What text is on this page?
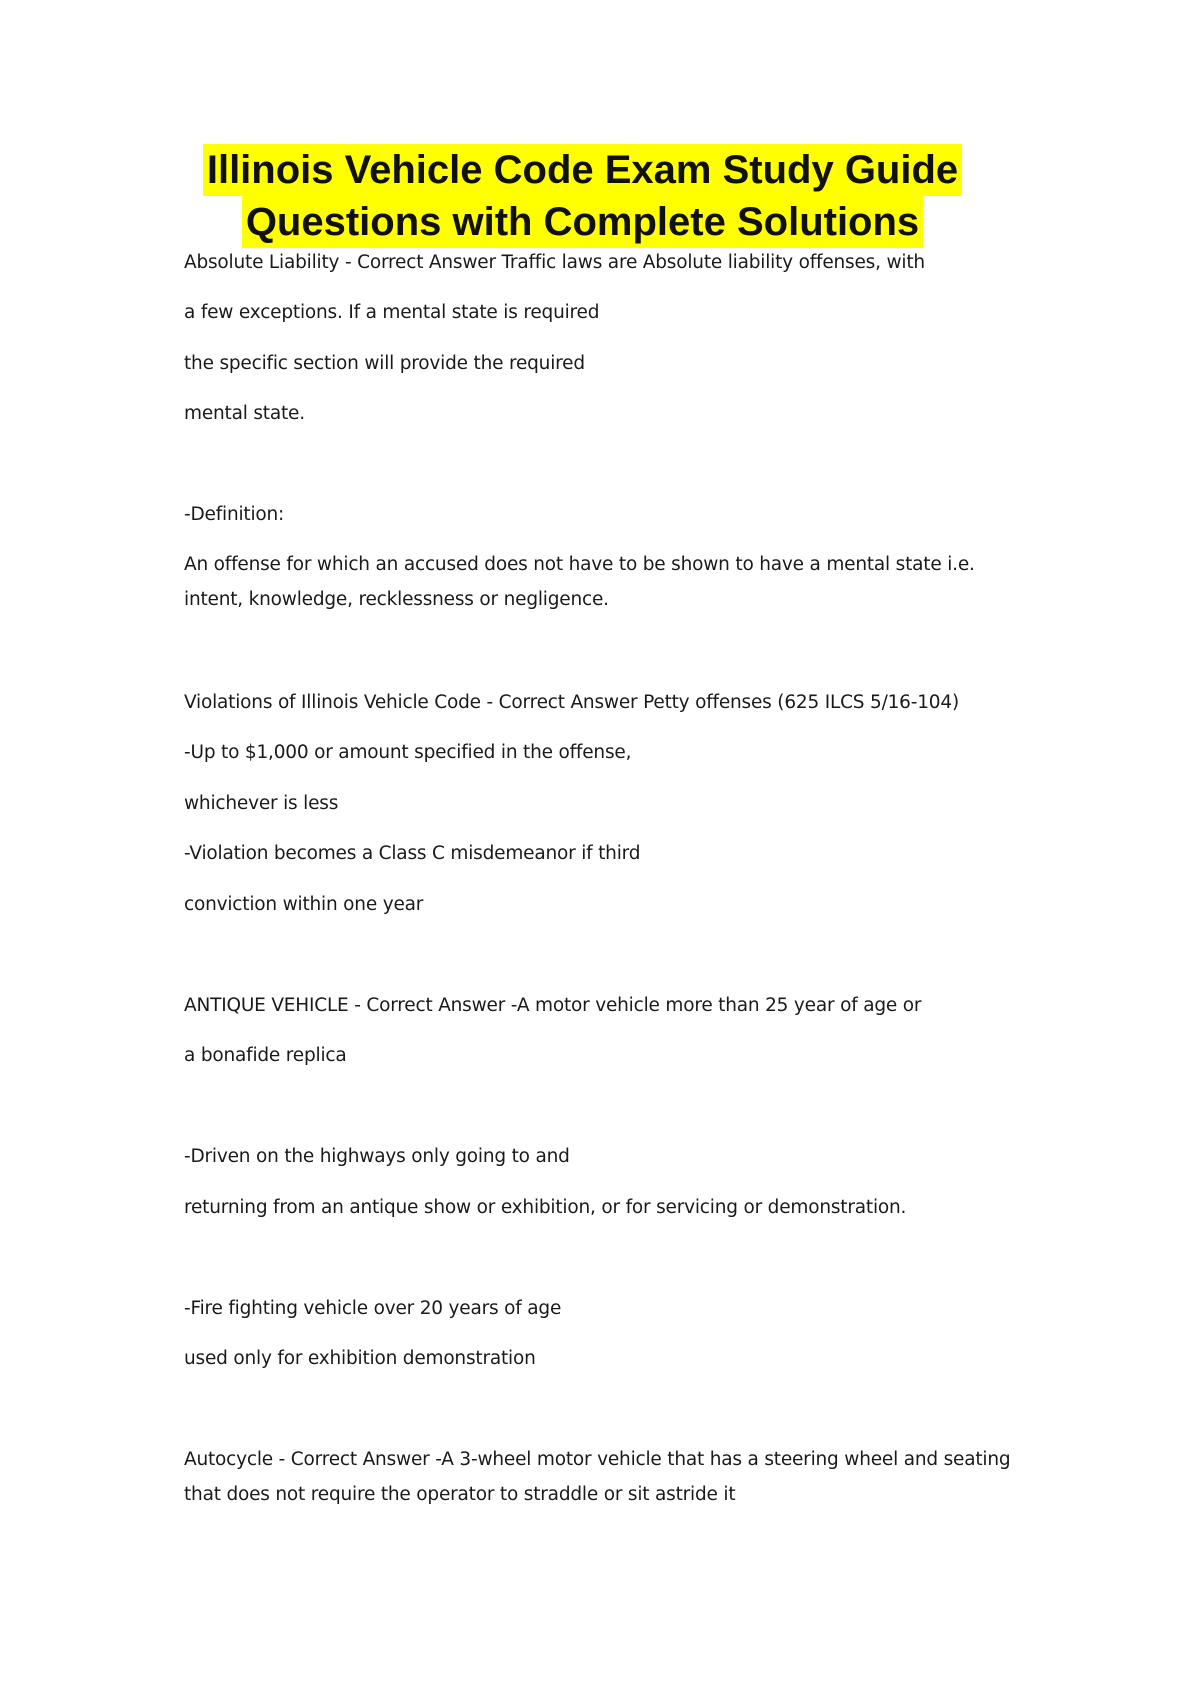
Illinois Vehicle Code Exam Study Guide
Questions with Complete Solutions
Absolute Liability - Correct Answer Traffic laws are Absolute liability offenses, with
a few exceptions. If a mental state is required
the specific section will provide the required
mental state.
-Definition:
An offense for which an accused does not have to be shown to have a mental state i.e.
intent, knowledge, recklessness or negligence.
Violations of Illinois Vehicle Code - Correct Answer Petty offenses (625 ILCS 5/16-104)
-Up to $1,000 or amount specified in the offense,
whichever is less
-Violation becomes a Class C misdemeanor if third
conviction within one year
ANTIQUE VEHICLE - Correct Answer -A motor vehicle more than 25 year of age or
a bonafide replica
-Driven on the highways only going to and
returning from an antique show or exhibition, or for servicing or demonstration.
-Fire fighting vehicle over 20 years of age
used only for exhibition demonstration
Autocycle - Correct Answer -A 3-wheel motor vehicle that has a steering wheel and seating
that does not require the operator to straddle or sit astride it
